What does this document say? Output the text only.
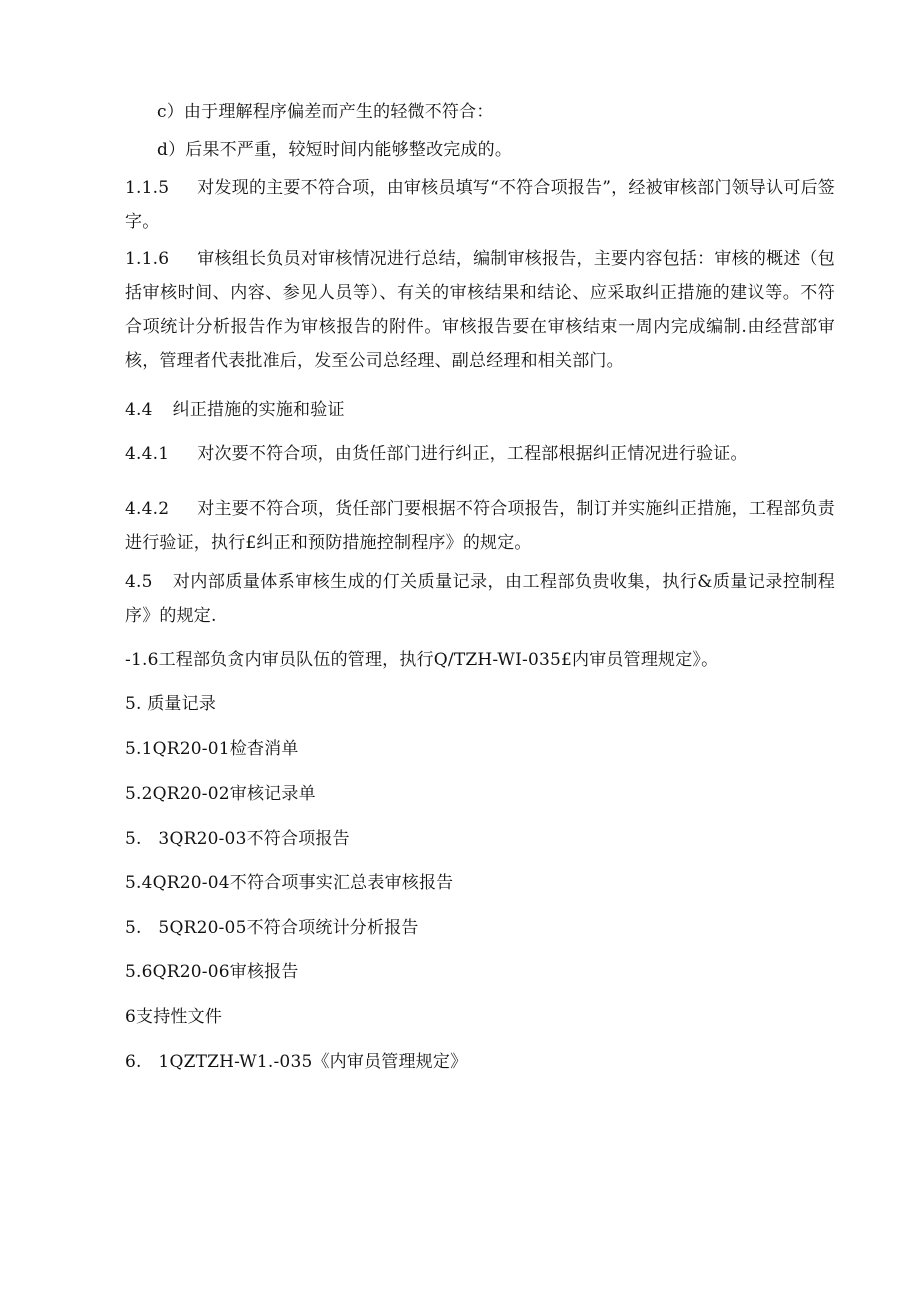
c）由于理解程序偏差而产生的轻微不符合：
d）后果不严重，较短时间内能够整改完成的。
1.1.5 对发现的主要不符合项，由审核员填写“不符合项报告”，经被审核部门领导认可后签字。
1.1.6 审核组长负员对审核情况进行总结，编制审核报告，主要内容包括：审核的概述（包括审核时间、内容、参见人员等）、有关的审核结果和结论、应采取纠正措施的建议等。不符合项统计分析报告作为审核报告的附件。审核报告要在审核结束一周内完成编制.由经营部审核，管理者代表批准后，发至公司总经理、副总经理和相关部门。
4.4 纠正措施的实施和验证
4.4.1 对次要不符合项，由货任部门进行纠正，工程部根据纠正情况进行验证。
4.4.2 对主要不符合项，货任部门要根据不符合项报告，制订并实施纠正措施，工程部负责进行验证，执行£纠正和预防措施控制程序》的规定。
4.5 对内部质量体系审核生成的仃关质量记录，由工程部负贵收集，执行&质量记录控制程序》的规定.
-1.6工程部负贪内审员队伍的管理，执行Q/TZH-WI-035£内审员管理规定》。
5. 质量记录
5.1QR20-01检杳消单
5.2QR20-02审核记录单
5.   3QR20-03不符合项报告
5.4QR20-04不符合项事实汇总表审核报告
5.   5QR20-05不符合项统计分析报告
5.6QR20-06审核报告
6支持性文件
6.   1QZTZH-W1.-035《内审员管理规定》
